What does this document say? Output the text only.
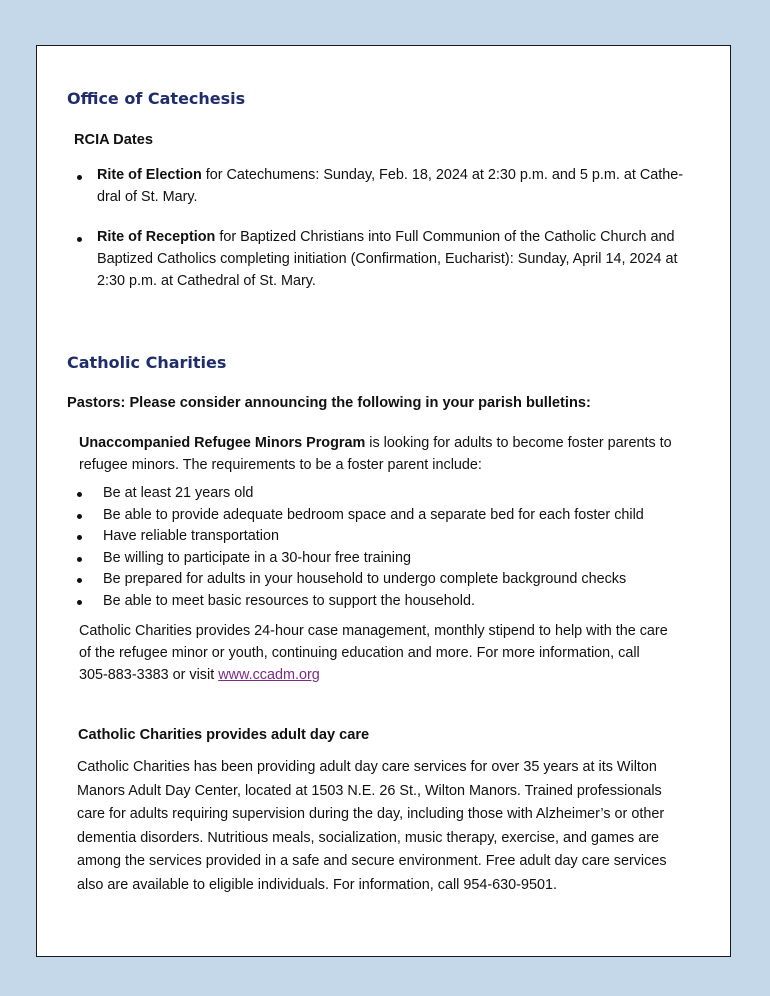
Office of Catechesis
RCIA Dates
Rite of Election for Catechumens: Sunday, Feb. 18, 2024 at 2:30 p.m. and 5 p.m. at Cathe-
dral of St. Mary.
Rite of Reception for Baptized Christians into Full Communion of the Catholic Church and
Baptized Catholics completing initiation (Confirmation, Eucharist): Sunday, April 14, 2024 at
2:30 p.m. at Cathedral of St. Mary.
Catholic Charities
Pastors: Please consider announcing the following in your parish bulletins:
Unaccompanied Refugee Minors Program is looking for adults to become foster parents to
refugee minors. The requirements to be a foster parent include:
Be at least 21 years old
Be able to provide adequate bedroom space and a separate bed for each foster child
Have reliable transportation
Be willing to participate in a 30-hour free training
Be prepared for adults in your household to undergo complete background checks
Be able to meet basic resources to support the household.
Catholic Charities provides 24-hour case management, monthly stipend to help with the care
of the refugee minor or youth, continuing education and more. For more information, call
305-883-3383 or visit www.ccadm.org
Catholic Charities provides adult day care
Catholic Charities has been providing adult day care services for over 35 years at its Wilton
Manors Adult Day Center, located at 1503 N.E. 26 St., Wilton Manors. Trained professionals
care for adults requiring supervision during the day, including those with Alzheimer’s or other
dementia disorders. Nutritious meals, socialization, music therapy, exercise, and games are
among the services provided in a safe and secure environment. Free adult day care services
also are available to eligible individuals. For information, call 954-630-9501.
